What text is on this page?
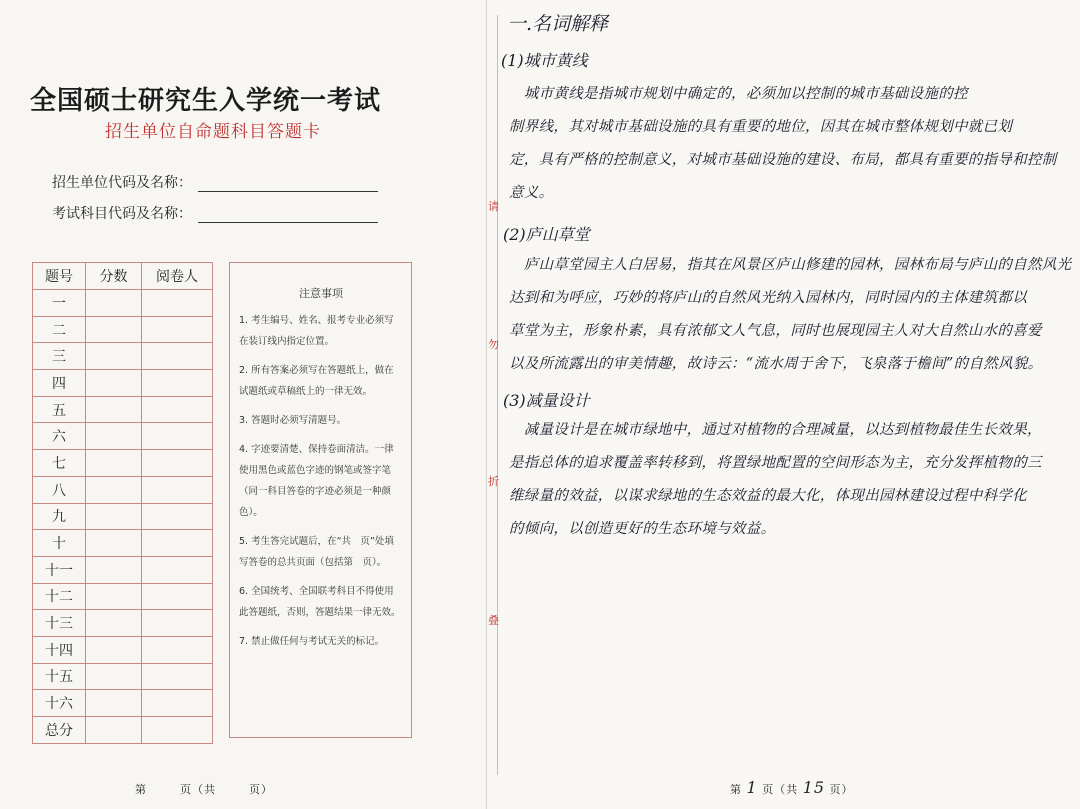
全国硕士研究生入学统一考试
招生单位自命题科目答题卡
招生单位代码及名称：
考试科目代码及名称：
题号	分数	阅卷人
一		
二		
三		
四		
五		
六		
七		
八		
九		
十		
十一		
十二		
十三		
十四		
十五		
十六		
总分		
注意事项

1. 考生编号、姓名、报考专业必须写在装订线内指定位置。

2. 所有答案必须写在答题纸上，做在试题纸或草稿纸上的一律无效。

3. 答题时必须写清题号。

4. 字迹要清楚、保持卷面清洁。一律使用黑色或蓝色字迹的钢笔或签字笔（同一科目答卷的字迹必须是一种颜色）。

5. 考生答完试题后，在“共　页”处填写答卷的总共页面（包括第　页）。

6. 全国统考、全国联考科目不得使用此答题纸，否则，答题结果一律无效。

7. 禁止做任何与考试无关的标记。

第	页（共	页）
请
勿
折
叠
一.名词解释
(1)城市黄线
　城市黄线是指城市规划中确定的，必须加以控制的城市基础设施的控
制界线，其对城市基础设施的具有重要的地位，因其在城市整体规划中就已划
定，具有严格的控制意义，对城市基础设施的建设、布局，都具有重要的指导和控制
意义。
(2)庐山草堂
　庐山草堂园主人白居易，指其在风景区庐山修建的园林，园林布局与庐山的自然风光
达到和为呼应，巧妙的将庐山的自然风光纳入园林内，同时园内的主体建筑都以
草堂为主，形象朴素，具有浓郁文人气息，同时也展现园主人对大自然山水的喜爱
以及所流露出的审美情趣，故诗云：“流水周于舍下，飞泉落于檐间”的自然风貌。
(3)减量设计
　减量设计是在城市绿地中，通过对植物的合理减量，以达到植物最佳生长效果，
是指总体的追求覆盖率转移到，将置绿地配置的空间形态为主，充分发挥植物的三
维绿量的效益，以谋求绿地的生态效益的最大化，体现出园林建设过程中科学化
的倾向，以创造更好的生态环境与效益。
第 1 页（共 15 页）
